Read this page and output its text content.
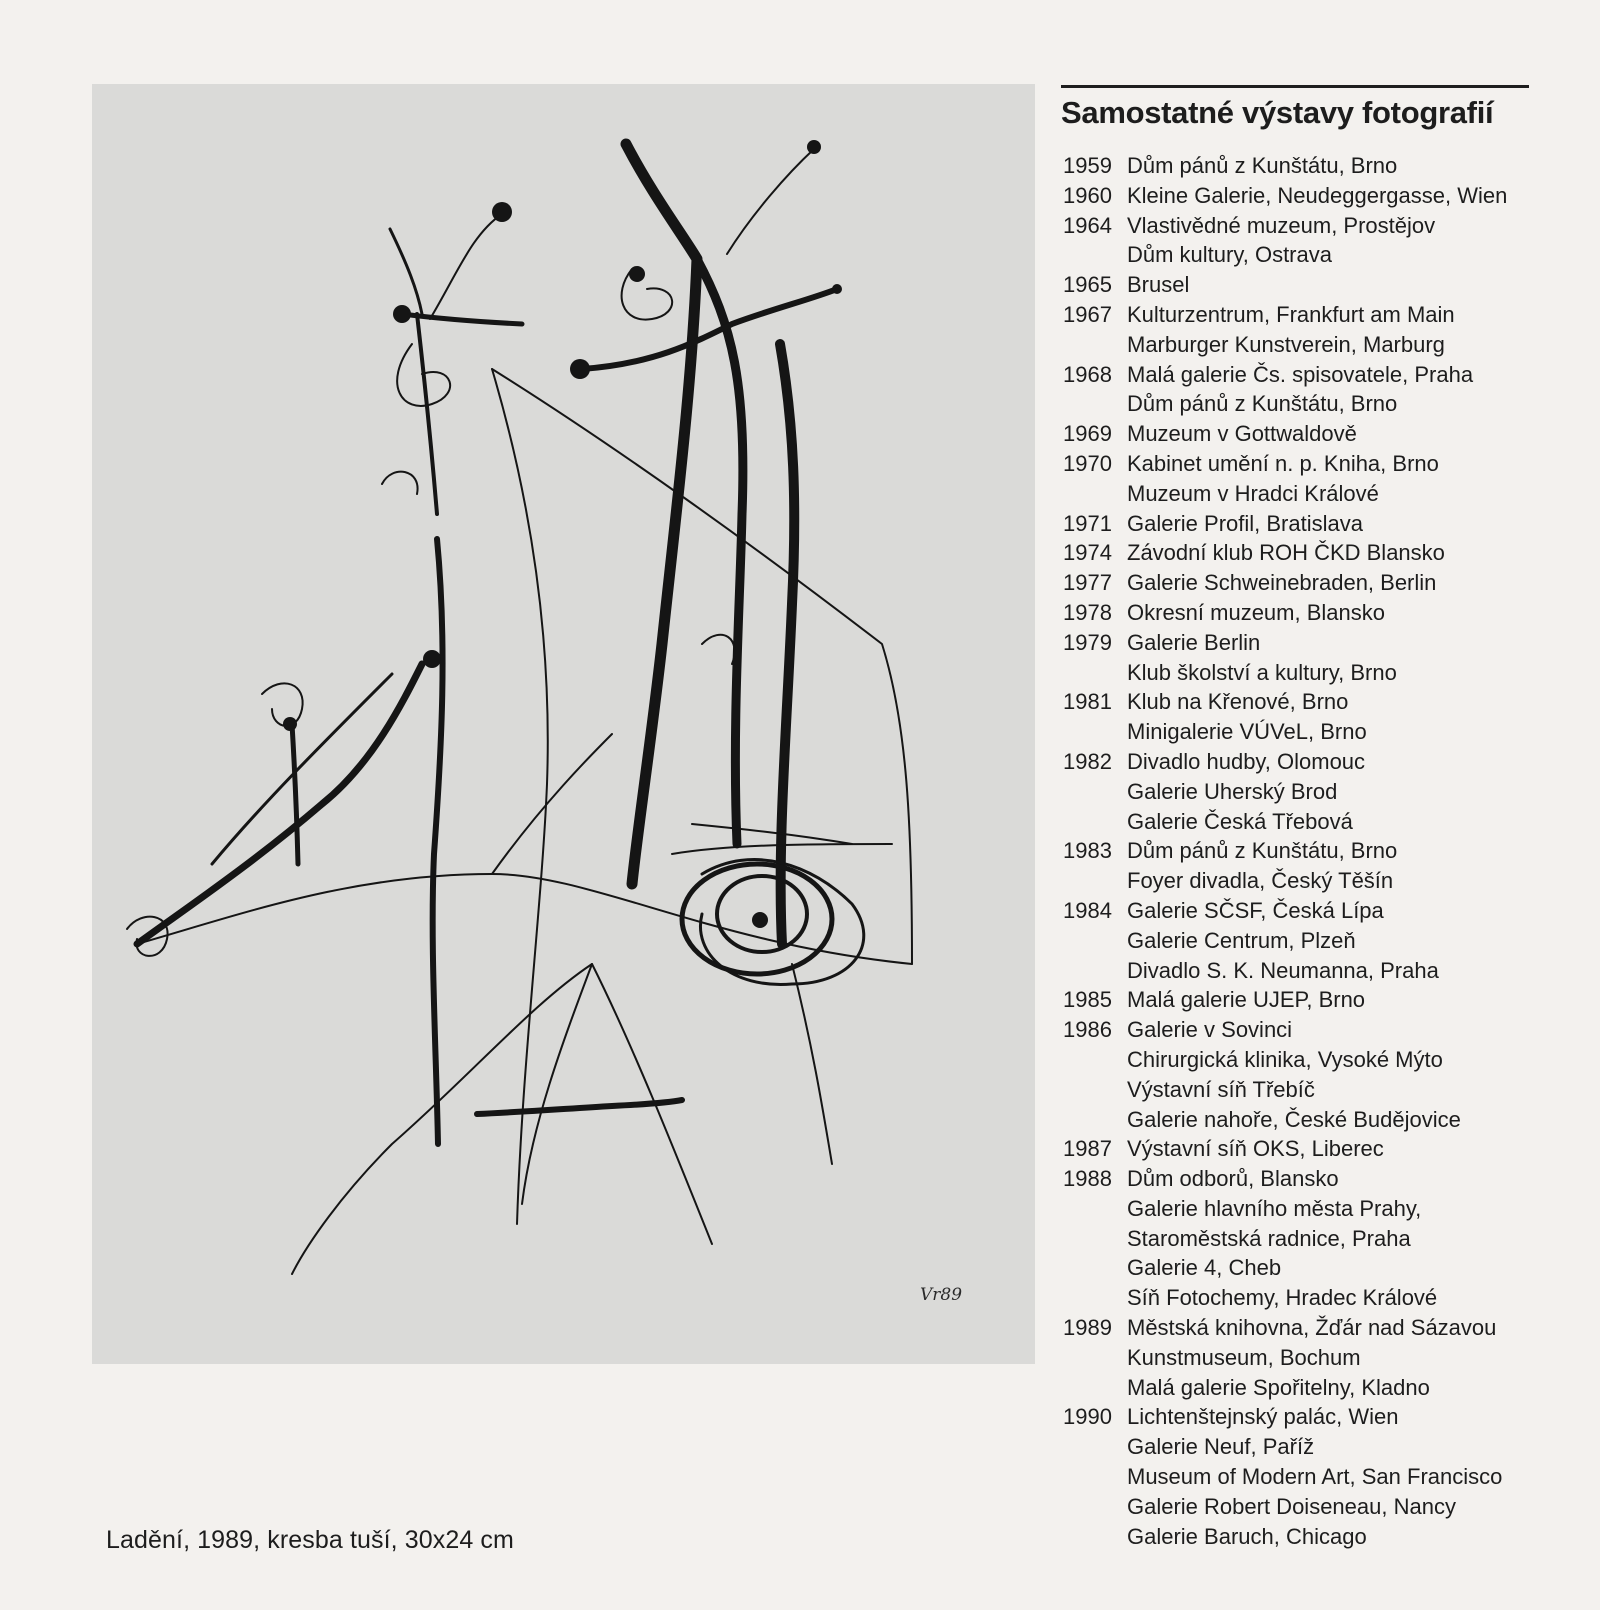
Vr89
Ladění, 1989, kresba tuší, 30x24 cm
Samostatné výstavy fotografií
1959 Dům pánů z Kunštátu, Brno
1960 Kleine Galerie, Neudeggergasse, Wien
1964 Vlastivědné muzeum, Prostějov
Dům kultury, Ostrava
1965 Brusel
1967 Kulturzentrum, Frankfurt am Main
Marburger Kunstverein, Marburg
1968 Malá galerie Čs. spisovatele, Praha
Dům pánů z Kunštátu, Brno
1969 Muzeum v Gottwaldově
1970 Kabinet umění n. p. Kniha, Brno
Muzeum v Hradci Králové
1971 Galerie Profil, Bratislava
1974 Závodní klub ROH ČKD Blansko
1977 Galerie Schweinebraden, Berlin
1978 Okresní muzeum, Blansko
1979 Galerie Berlin
Klub školství a kultury, Brno
1981 Klub na Křenové, Brno
Minigalerie VÚVeL, Brno
1982 Divadlo hudby, Olomouc
Galerie Uherský Brod
Galerie Česká Třebová
1983 Dům pánů z Kunštátu, Brno
Foyer divadla, Český Těšín
1984 Galerie SČSF, Česká Lípa
Galerie Centrum, Plzeň
Divadlo S. K. Neumanna, Praha
1985 Malá galerie UJEP, Brno
1986 Galerie v Sovinci
Chirurgická klinika, Vysoké Mýto
Výstavní síň Třebíč
Galerie nahoře, České Budějovice
1987 Výstavní síň OKS, Liberec
1988 Dům odborů, Blansko
Galerie hlavního města Prahy,
Staroměstská radnice, Praha
Galerie 4, Cheb
Síň Fotochemy, Hradec Králové
1989 Městská knihovna, Žďár nad Sázavou
Kunstmuseum, Bochum
Malá galerie Spořitelny, Kladno
1990 Lichtenštejnský palác, Wien
Galerie Neuf, Paříž
Museum of Modern Art, San Francisco
Galerie Robert Doiseneau, Nancy
Galerie Baruch, Chicago
